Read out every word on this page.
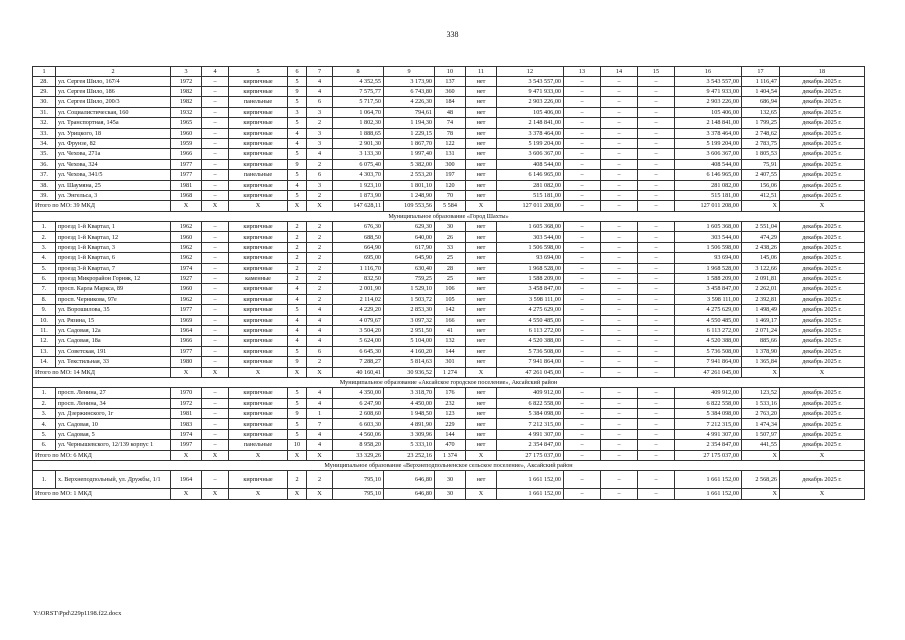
338
1	2	3	4	5	6	7	8	9	10	11	12	13	14	15	16	17	18
28.	ул. Сергея Шило, 167/4	1972	–	кирпичные	5	4	4 352,55	3 173,90	137	нет	3 543 557,00	–	–	–	3 543 557,00	1 116,47	декабрь 2025 г.
29.	ул. Сергея Шило, 186	1982	–	кирпичные	9	4	7 575,77	6 743,80	360	нет	9 471 933,00	–	–	–	9 471 933,00	1 404,54	декабрь 2025 г.
30.	ул. Сергея Шило, 200/3	1982	–	панельные	5	6	5 717,50	4 226,30	184	нет	2 903 226,00	–	–	–	2 903 226,00	686,94	декабрь 2025 г.
31.	ул. Социалистическая, 160	1932	–	кирпичные	3	3	1 064,70	794,61	48	нет	105 406,00	–	–	–	105 406,00	132,65	декабрь 2025 г.
32.	ул. Транспортная, 145а	1965	–	кирпичные	5	2	1 802,30	1 194,30	74	нет	2 148 841,00	–	–	–	2 148 841,00	1 799,25	декабрь 2025 г.
33.	ул. Урицкого, 18	1960	–	кирпичные	4	3	1 888,65	1 229,15	78	нет	3 378 464,00	–	–	–	3 378 464,00	2 748,62	декабрь 2025 г.
34.	ул. Фрунзе, 82	1959	–	кирпичные	4	3	2 901,30	1 867,70	122	нет	5 199 204,00	–	–	–	5 199 204,00	2 783,75	декабрь 2025 г.
35.	ул. Чехова, 271а	1966	–	кирпичные	5	4	3 133,30	1 997,40	131	нет	3 606 367,00	–	–	–	3 606 367,00	1 805,53	декабрь 2025 г.
36.	ул. Чехова, 324	1977	–	кирпичные	9	2	6 075,40	5 382,00	300	нет	408 544,00	–	–	–	408 544,00	75,91	декабрь 2025 г.
37.	ул. Чехова, 341/5	1977	–	панельные	5	6	4 303,70	2 553,20	197	нет	6 146 965,00	–	–	–	6 146 965,00	2 407,55	декабрь 2025 г.
38.	ул. Шаумяна, 25	1981	–	кирпичные	4	3	1 923,10	1 801,10	120	нет	281 082,00	–	–	–	281 082,00	156,06	декабрь 2025 г.
39.	ул. Энгельса, 3	1968	–	кирпичные	5	2	1 873,90	1 248,90	70	нет	515 181,00	–	–	–	515 181,00	412,51	декабрь 2025 г.
Итого по МО: 39 МКД		X	X	X	X	X	147 628,11	109 553,56	5 584	X	127 011 208,00	–	–	–	127 011 208,00	X	X
Муниципальное образование «Город Шахты»																	
1.	проезд 1-й Квартал, 1	1962	–	кирпичные	2	2	676,30	629,30	30	нет	1 605 368,00	–	–	–	1 605 368,00	2 551,04	декабрь 2025 г.
2.	проезд 1-й Квартал, 12	1960	–	кирпичные	2	2	688,50	640,00	26	нет	303 544,00	–	–	–	303 544,00	474,29	декабрь 2025 г.
3.	проезд 1-й Квартал, 3	1962	–	кирпичные	2	2	664,90	617,90	33	нет	1 506 598,00	–	–	–	1 506 598,00	2 438,26	декабрь 2025 г.
4.	проезд 1-й Квартал, 6	1962	–	кирпичные	2	2	695,00	645,90	25	нет	93 694,00	–	–	–	93 694,00	145,06	декабрь 2025 г.
5.	проезд 3-й Квартал, 7	1974	–	кирпичные	2	2	1 116,70	630,40	28	нет	1 968 528,00	–	–	–	1 968 528,00	3 122,66	декабрь 2025 г.
6.	проезд Микрорайон Горняк, 12	1927	–	каменные	2	2	832,50	759,25	25	нет	1 588 209,00	–	–	–	1 588 209,00	2 091,81	декабрь 2025 г.
7.	просп. Карла Маркса, 89	1960	–	кирпичные	4	2	2 001,90	1 529,10	106	нет	3 458 847,00	–	–	–	3 458 847,00	2 262,01	декабрь 2025 г.
8.	просп. Черникова, 97е	1962	–	кирпичные	4	2	2 114,02	1 503,72	105	нет	3 598 111,00	–	–	–	3 598 111,00	2 392,81	декабрь 2025 г.
9.	ул. Ворошилова, 35	1977	–	кирпичные	5	4	4 229,20	2 853,30	142	нет	4 275 629,00	–	–	–	4 275 629,00	1 498,49	декабрь 2025 г.
10.	ул. Рязина, 15	1969	–	кирпичные	4	4	4 079,67	3 097,32	166	нет	4 550 485,00	–	–	–	4 550 485,00	1 469,17	декабрь 2025 г.
11.	ул. Садовая, 12а	1964	–	кирпичные	4	4	3 504,20	2 951,50	41	нет	6 113 272,00	–	–	–	6 113 272,00	2 071,24	декабрь 2025 г.
12.	ул. Садовая, 18а	1966	–	кирпичные	4	4	5 624,00	5 104,00	132	нет	4 520 388,00	–	–	–	4 520 388,00	885,66	декабрь 2025 г.
13.	ул. Советская, 191	1977	–	кирпичные	5	6	6 645,30	4 160,20	144	нет	5 736 508,00	–	–	–	5 736 508,00	1 378,90	декабрь 2025 г.
14.	ул. Текстильная, 33	1980	–	кирпичные	9	2	7 288,27	5 814,63	301	нет	7 941 864,00	–	–	–	7 941 864,00	1 365,84	декабрь 2025 г.
Итого по МО: 14 МКД		X	X	X	X	X	40 160,41	30 936,52	1 274	X	47 261 045,00	–	–	–	47 261 045,00	X	X
Муниципальное образование «Аксайское городское поселение», Аксайский район																	
1.	просп. Ленина, 27	1970	–	кирпичные	5	4	4 350,00	3 318,70	176	нет	409 912,00	–	–	–	409 912,00	123,52	декабрь 2025 г.
2.	просп. Ленина, 34	1972	–	кирпичные	5	4	6 247,90	4 450,00	232	нет	6 822 558,00	–	–	–	6 822 558,00	1 533,16	декабрь 2025 г.
3.	ул. Дзержинского, 1г	1981	–	кирпичные	9	1	2 608,60	1 948,50	123	нет	5 384 098,00	–	–	–	5 384 098,00	2 763,20	декабрь 2025 г.
4.	ул. Садовая, 10	1983	–	кирпичные	5	7	6 603,30	4 891,90	229	нет	7 212 315,00	–	–	–	7 212 315,00	1 474,34	декабрь 2025 г.
5.	ул. Садовая, 5	1974	–	кирпичные	5	4	4 560,06	3 309,96	144	нет	4 991 307,00	–	–	–	4 991 307,00	1 507,97	декабрь 2025 г.
6.	ул. Чернышевского, 12/139 корпус 1	1997	–	панельные	10	4	8 958,20	5 333,10	470	нет	2 354 847,00	–	–	–	2 354 847,00	441,55	декабрь 2025 г.
Итого по МО: 6 МКД		X	X	X	X	X	33 329,26	23 252,16	1 374	X	27 175 037,00	–	–	–	27 175 037,00	X	X
Муниципальное образование «Верхнеподпольненское сельское поселение», Аксайский район																	
1.	х. Верхнеподпольный, ул. Дружбы, 1/1	1964	–	кирпичные	2	2	795,10	646,80	30	нет	1 661 152,00	–	–	–	1 661 152,00	2 568,26	декабрь 2025 г.
Итого по МО: 1 МКД		X	X	X	X	X	795,10	646,80	30	X	1 661 152,00	–	–	–	1 661 152,00	X	X
Y:\ORST\Ppd\229p1198.f22.docx
